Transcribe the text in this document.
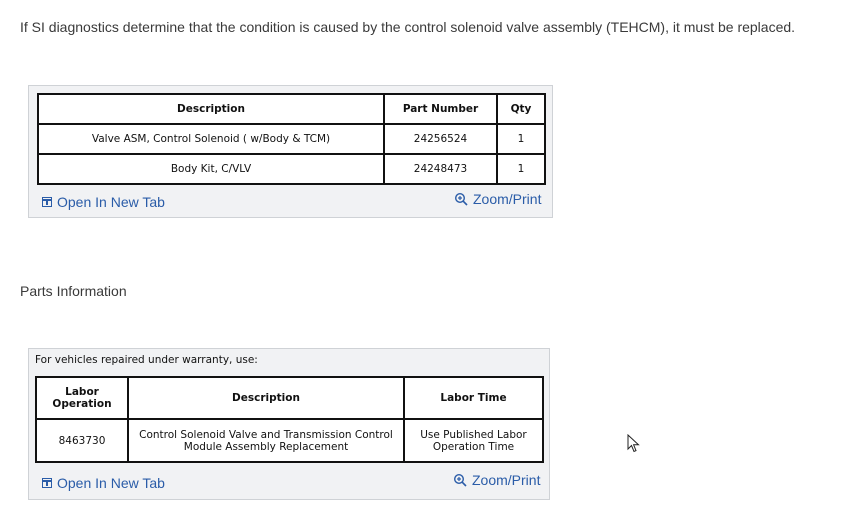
If SI diagnostics determine that the condition is caused by the control solenoid valve assembly (TEHCM), it must be replaced.
Description	Part Number	Qty
Valve ASM, Control Solenoid ( w/Body & TCM)	24256524	1
Body Kit, C/VLV	24248473	1
Open In New Tab	Zoom/Print
Parts Information
For vehicles repaired under warranty, use:
Labor Operation	Description	Labor Time
8463730	Control Solenoid Valve and Transmission Control Module Assembly Replacement	Use Published Labor Operation Time
Open In New Tab	Zoom/Print
